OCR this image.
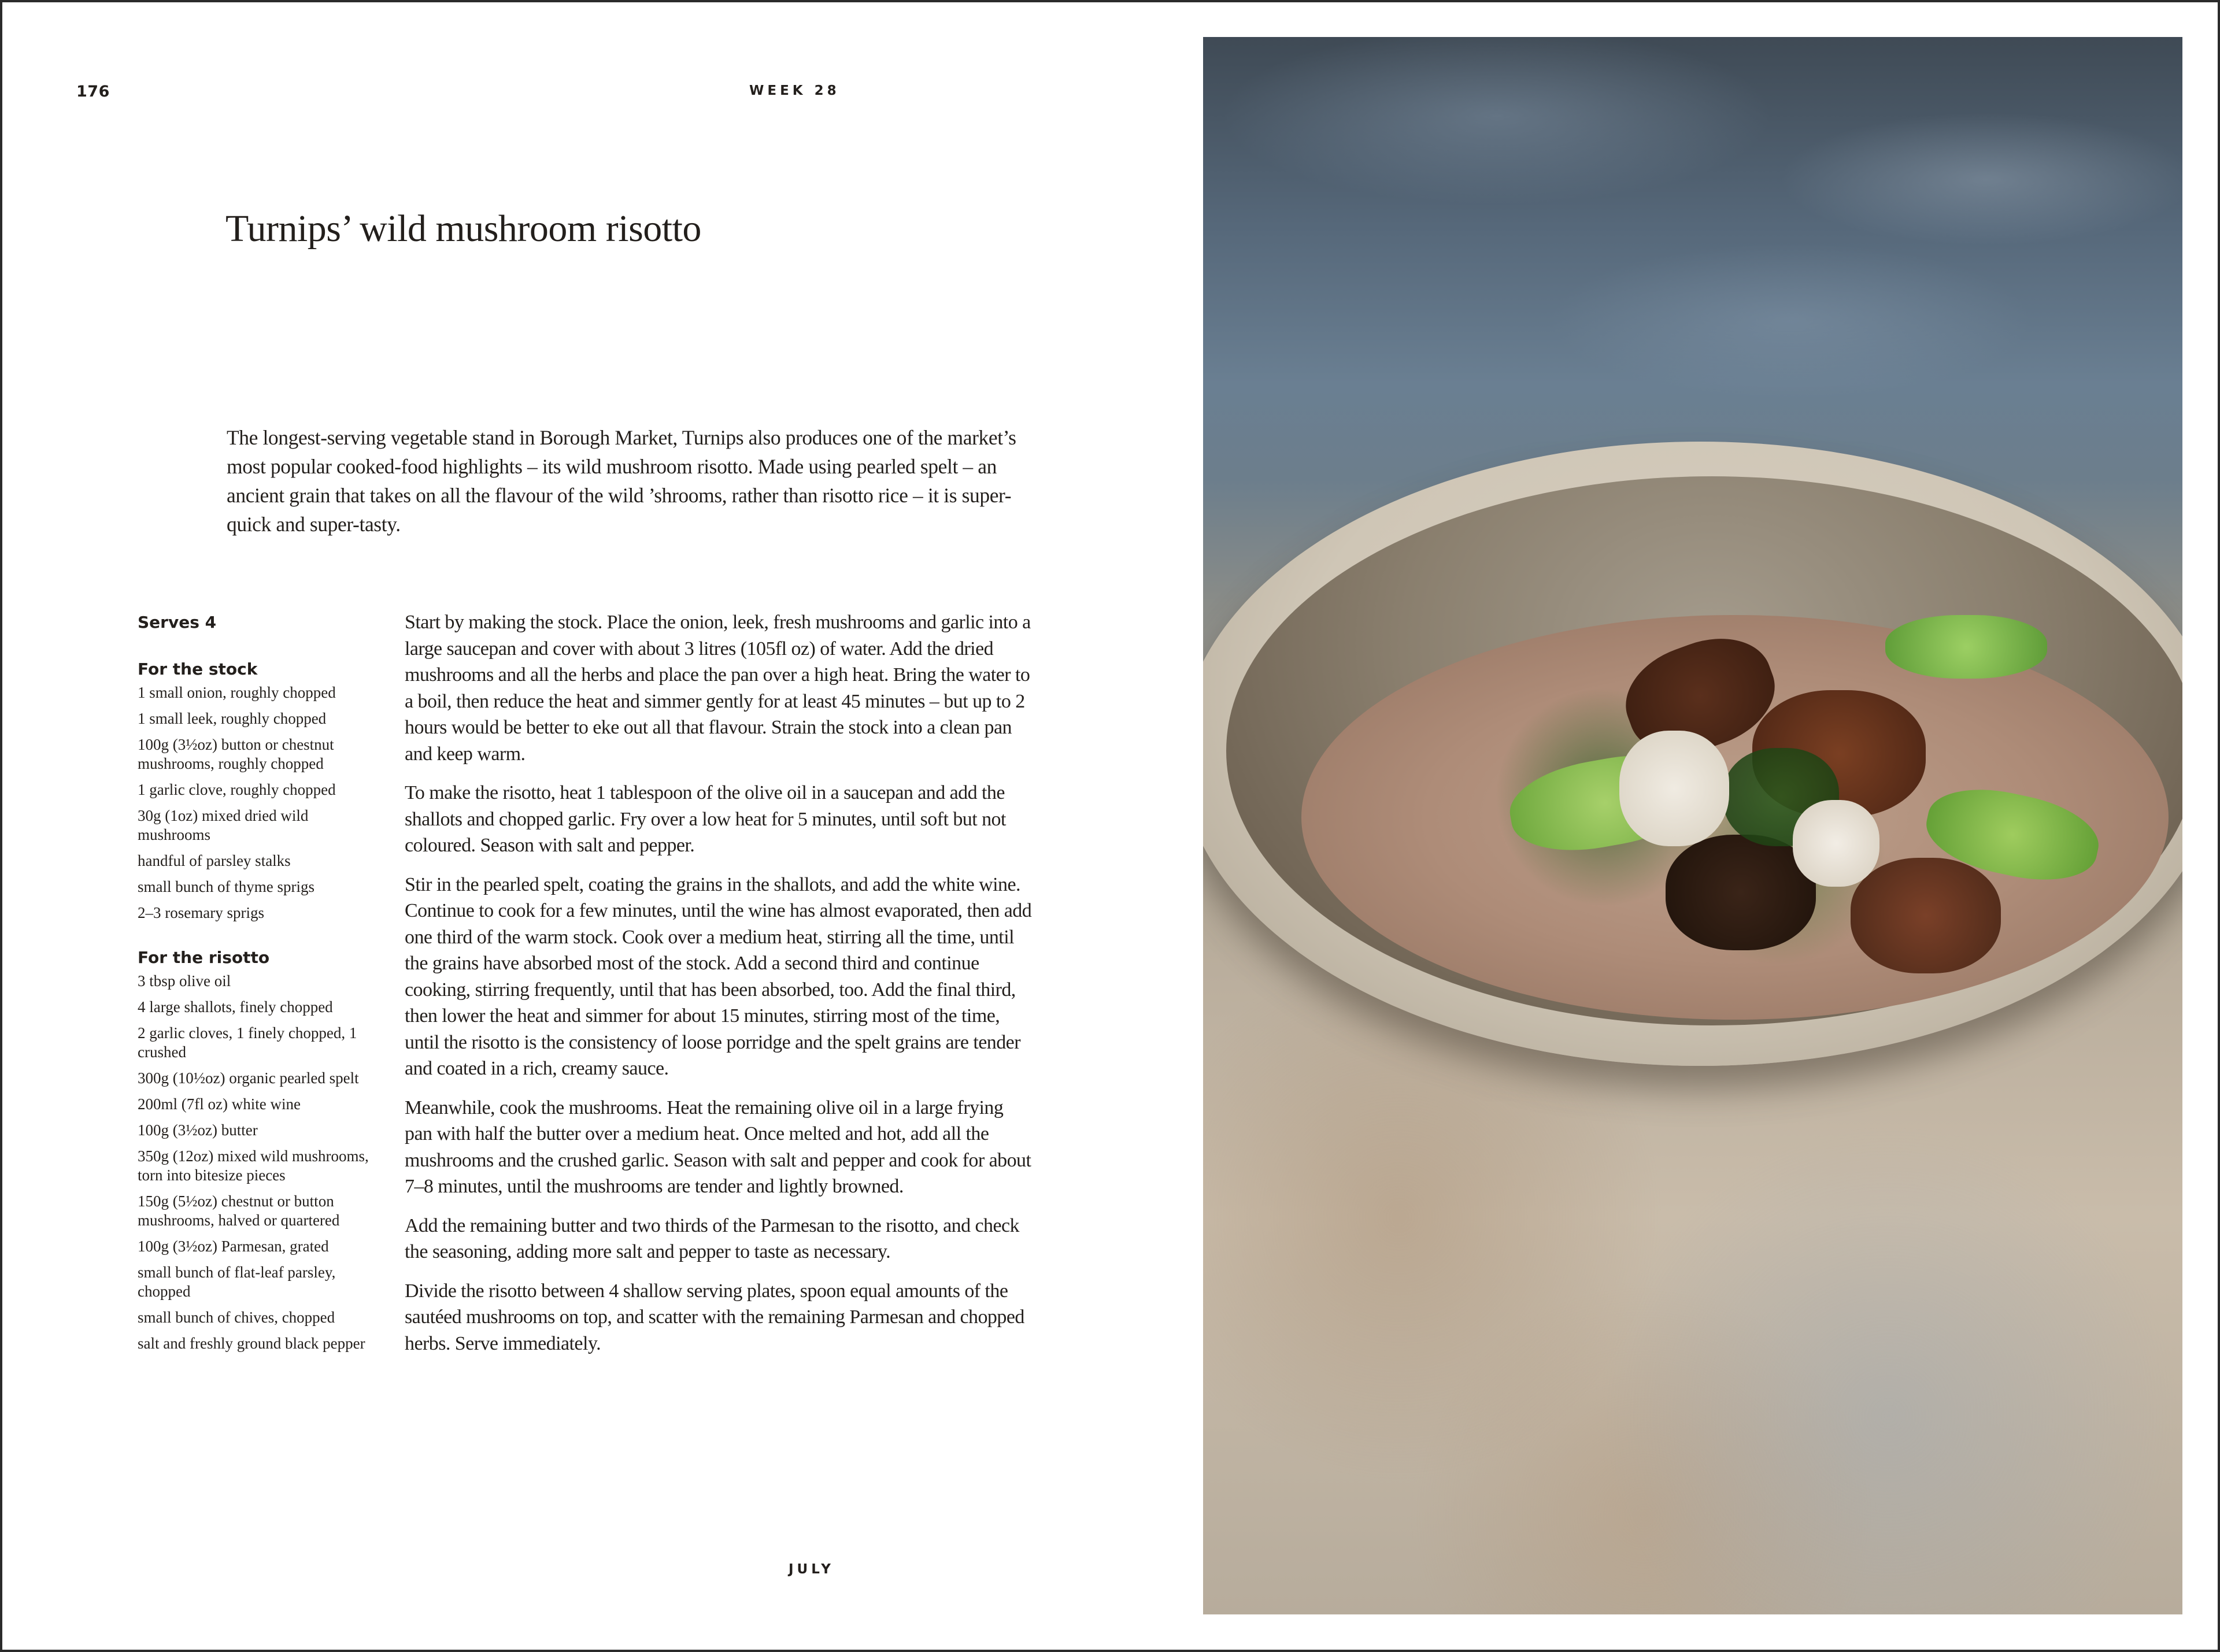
176	WEEK 28
Turnips’ wild mushroom risotto

The longest-serving vegetable stand in Borough Market, Turnips also produces one of the market’s most popular cooked-food highlights – its wild mushroom risotto. Made using pearled spelt – an ancient grain that takes on all the flavour of the wild ’shrooms, rather than risotto rice – it is super-quick and super-tasty.

Serves 4
For the stock
1 small onion, roughly chopped
1 small leek, roughly chopped
100g (3½oz) button or chestnut mushrooms, roughly chopped
1 garlic clove, roughly chopped
30g (1oz) mixed dried wild mushrooms
handful of parsley stalks
small bunch of thyme sprigs
2–3 rosemary sprigs
For the risotto
3 tbsp olive oil
4 large shallots, finely chopped
2 garlic cloves, 1 finely chopped, 1 crushed
300g (10½oz) organic pearled spelt
200ml (7fl oz) white wine
100g (3½oz) butter
350g (12oz) mixed wild mushrooms, torn into bitesize pieces
150g (5½oz) chestnut or button mushrooms, halved or quartered
100g (3½oz) Parmesan, grated
small bunch of flat-leaf parsley, chopped
small bunch of chives, chopped
salt and freshly ground black pepper

Start by making the stock. Place the onion, leek, fresh mushrooms and garlic into a large saucepan and cover with about 3 litres (105fl oz) of water. Add the dried mushrooms and all the herbs and place the pan over a high heat. Bring the water to a boil, then reduce the heat and simmer gently for at least 45 minutes – but up to 2 hours would be better to eke out all that flavour. Strain the stock into a clean pan and keep warm.

To make the risotto, heat 1 tablespoon of the olive oil in a saucepan and add the shallots and chopped garlic. Fry over a low heat for 5 minutes, until soft but not coloured. Season with salt and pepper.

Stir in the pearled spelt, coating the grains in the shallots, and add the white wine. Continue to cook for a few minutes, until the wine has almost evaporated, then add one third of the warm stock. Cook over a medium heat, stirring all the time, until the grains have absorbed most of the stock. Add a second third and continue cooking, stirring frequently, until that has been absorbed, too. Add the final third, then lower the heat and simmer for about 15 minutes, stirring most of the time, until the risotto is the consistency of loose porridge and the spelt grains are tender and coated in a rich, creamy sauce.

Meanwhile, cook the mushrooms. Heat the remaining olive oil in a large frying pan with half the butter over a medium heat. Once melted and hot, add all the mushrooms and the crushed garlic. Season with salt and pepper and cook for about 7–8 minutes, until the mushrooms are tender and lightly browned.

Add the remaining butter and two thirds of the Parmesan to the risotto, and check the seasoning, adding more salt and pepper to taste as necessary.

Divide the risotto between 4 shallow serving plates, spoon equal amounts of the sautéed mushrooms on top, and scatter with the remaining Parmesan and chopped herbs. Serve immediately.

JULY
